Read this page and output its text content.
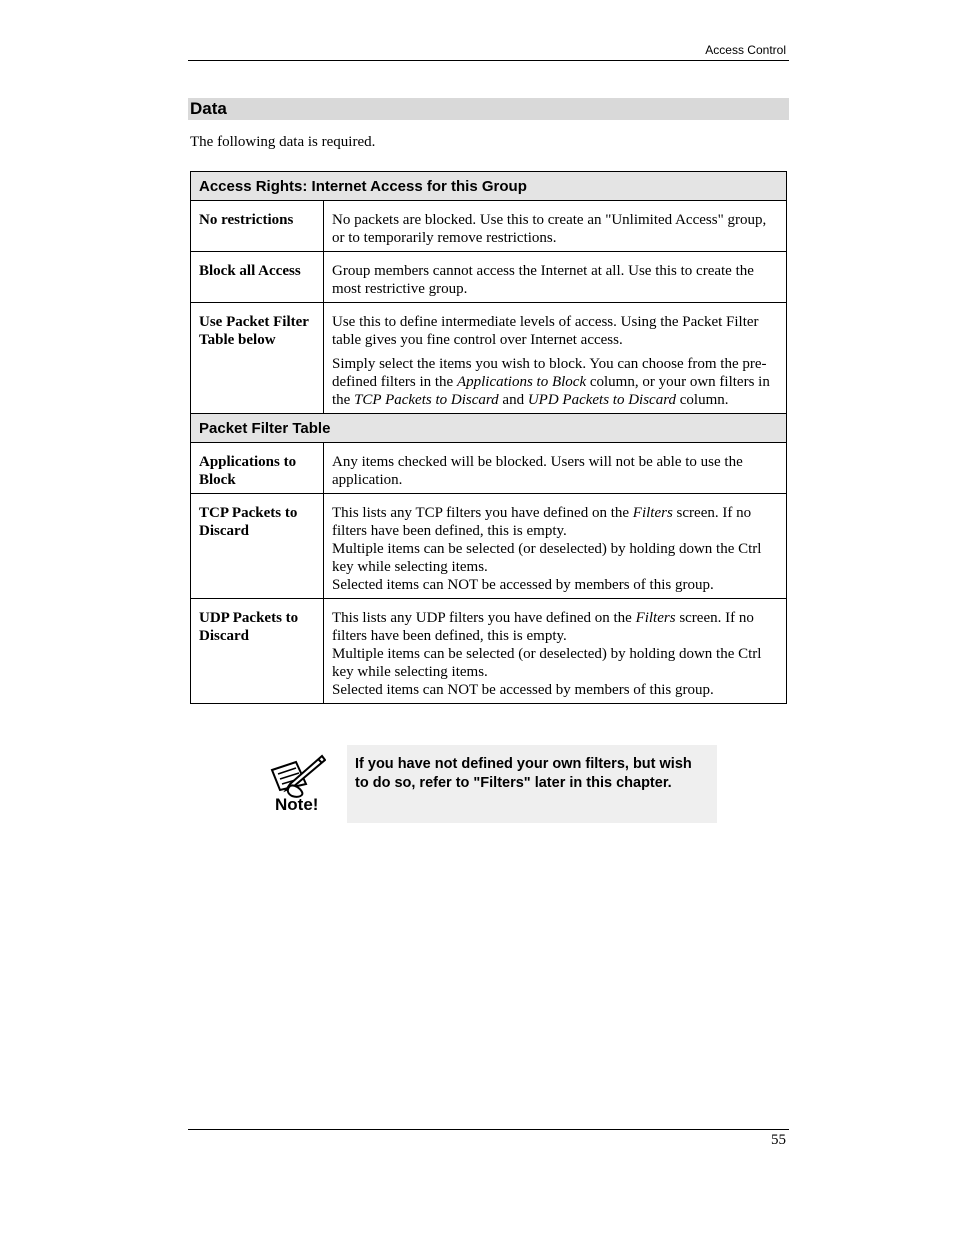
Access Control
Data
The following data is required.
Access Rights: Internet Access for this Group	
No restrictions	No packets are blocked. Use this to create an "Unlimited Access" group, or to temporarily remove restrictions.
Block all Access	Group members cannot access the Internet at all. Use this to create the most restrictive group.
Use Packet Filter Table below	Use this to define intermediate levels of access. Using the Packet Filter table gives you fine control over Internet access.

Simply select the items you wish to block. You can choose from the pre-defined filters in the Applications to Block column, or your own filters in the TCP Packets to Discard and UPD Packets to Discard column.

Packet Filter Table	
Applications to Block	Any items checked will be blocked. Users will not be able to use the application.
TCP Packets to Discard	This lists any TCP filters you have defined on the Filters screen. If no filters have been defined, this is empty.
Multiple items can be selected (or deselected) by holding down the Ctrl key while selecting items.
Selected items can NOT be accessed by members of this group.

UDP Packets to Discard	This lists any UDP filters you have defined on the Filters screen. If no filters have been defined, this is empty.
Multiple items can be selected (or deselected) by holding down the Ctrl key while selecting items.
Selected items can NOT be accessed by members of this group.
Note!
If you have not defined your own filters, but wish to do so, refer to "Filters" later in this chapter.
55
